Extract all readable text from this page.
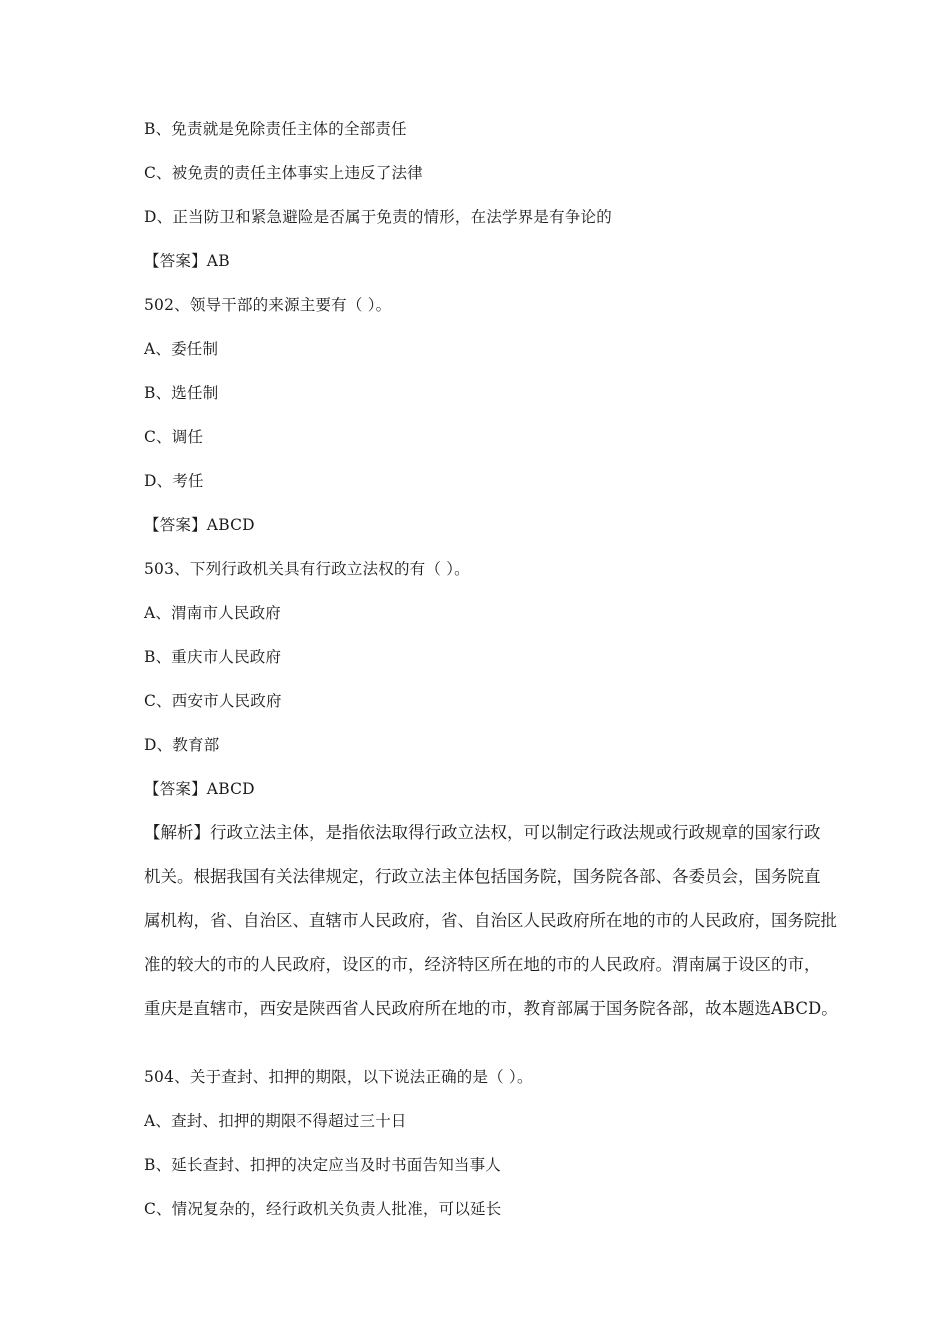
B、免责就是免除责任主体的全部责任
C、被免责的责任主体事实上违反了法律
D、正当防卫和紧急避险是否属于免责的情形，在法学界是有争论的
【答案】AB
502、领导干部的来源主要有（ ）。
A、委任制
B、选任制
C、调任
D、考任
【答案】ABCD
503、下列行政机关具有行政立法权的有（ ）。
A、渭南市人民政府
B、重庆市人民政府
C、西安市人民政府
D、教育部
【答案】ABCD
【解析】行政立法主体，是指依法取得行政立法权，可以制定行政法规或行政规章的国家行政
机关。根据我国有关法律规定，行政立法主体包括国务院，国务院各部、各委员会，国务院直
属机构，省、自治区、直辖市人民政府，省、自治区人民政府所在地的市的人民政府，国务院批
准的较大的市的人民政府，设区的市，经济特区所在地的市的人民政府。渭南属于设区的市，
重庆是直辖市，西安是陕西省人民政府所在地的市，教育部属于国务院各部，故本题选ABCD。
504、关于查封、扣押的期限，以下说法正确的是（ ）。
A、查封、扣押的期限不得超过三十日
B、延长查封、扣押的决定应当及时书面告知当事人
C、情况复杂的，经行政机关负责人批准，可以延长
